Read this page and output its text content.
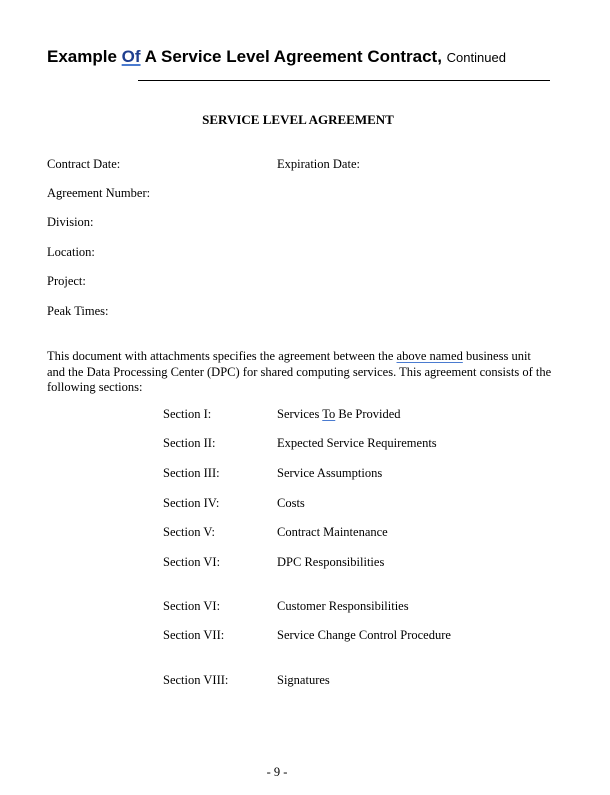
Example Of A Service Level Agreement Contract, Continued
SERVICE LEVEL AGREEMENT
Contract Date:	Expiration Date:
Agreement Number:
Division:
Location:
Project:
Peak Times:
This document with attachments specifies the agreement between the above named business unit and the Data Processing Center (DPC) for shared computing services. This agreement consists of the following sections:
Section I:	Services To Be Provided
Section II:	Expected Service Requirements
Section III:	Service Assumptions
Section IV:	Costs
Section V:	Contract Maintenance
Section VI:	DPC Responsibilities
Section VI:	Customer Responsibilities
Section VII:	Service Change Control Procedure
Section VIII:	Signatures
- 9 -
